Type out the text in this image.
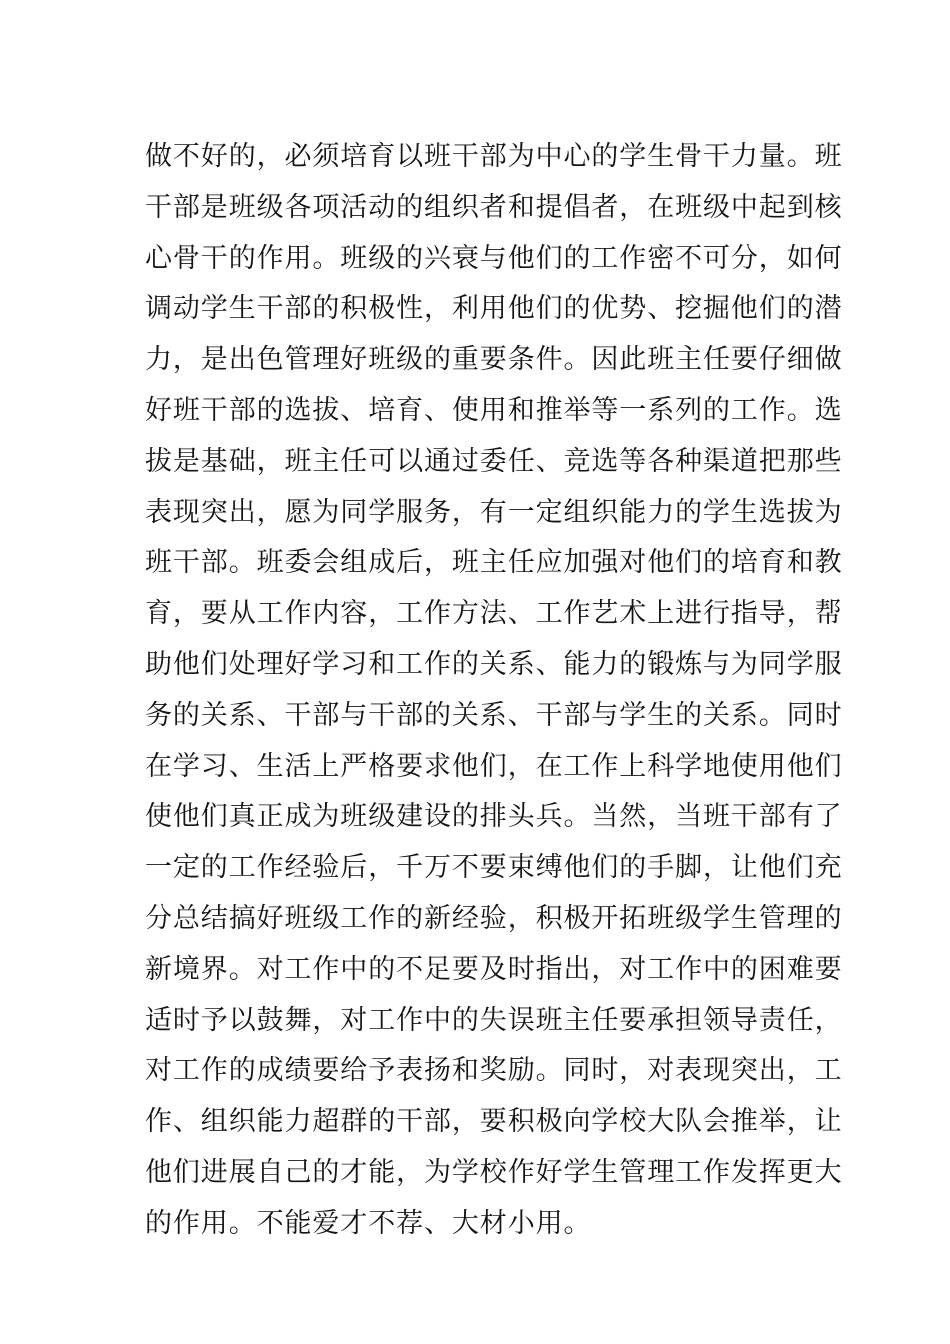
做不好的，必须培育以班干部为中心的学生骨干力量。班
干部是班级各项活动的组织者和提倡者，在班级中起到核
心骨干的作用。班级的兴衰与他们的工作密不可分，如何
调动学生干部的积极性，利用他们的优势、挖掘他们的潜
力，是出色管理好班级的重要条件。因此班主任要仔细做
好班干部的选拔、培育、使用和推举等一系列的工作。选
拔是基础，班主任可以通过委任、竞选等各种渠道把那些
表现突出，愿为同学服务，有一定组织能力的学生选拔为
班干部。班委会组成后，班主任应加强对他们的培育和教
育，要从工作内容，工作方法、工作艺术上进行指导，帮
助他们处理好学习和工作的关系、能力的锻炼与为同学服
务的关系、干部与干部的关系、干部与学生的关系。同时
在学习、生活上严格要求他们，在工作上科学地使用他们
使他们真正成为班级建设的排头兵。当然，当班干部有了
一定的工作经验后，千万不要束缚他们的手脚，让他们充
分总结搞好班级工作的新经验，积极开拓班级学生管理的
新境界。对工作中的不足要及时指出，对工作中的困难要
适时予以鼓舞，对工作中的失误班主任要承担领导责任，
对工作的成绩要给予表扬和奖励。同时，对表现突出，工
作、组织能力超群的干部，要积极向学校大队会推举，让
他们进展自己的才能，为学校作好学生管理工作发挥更大
的作用。不能爱才不荐、大材小用。
